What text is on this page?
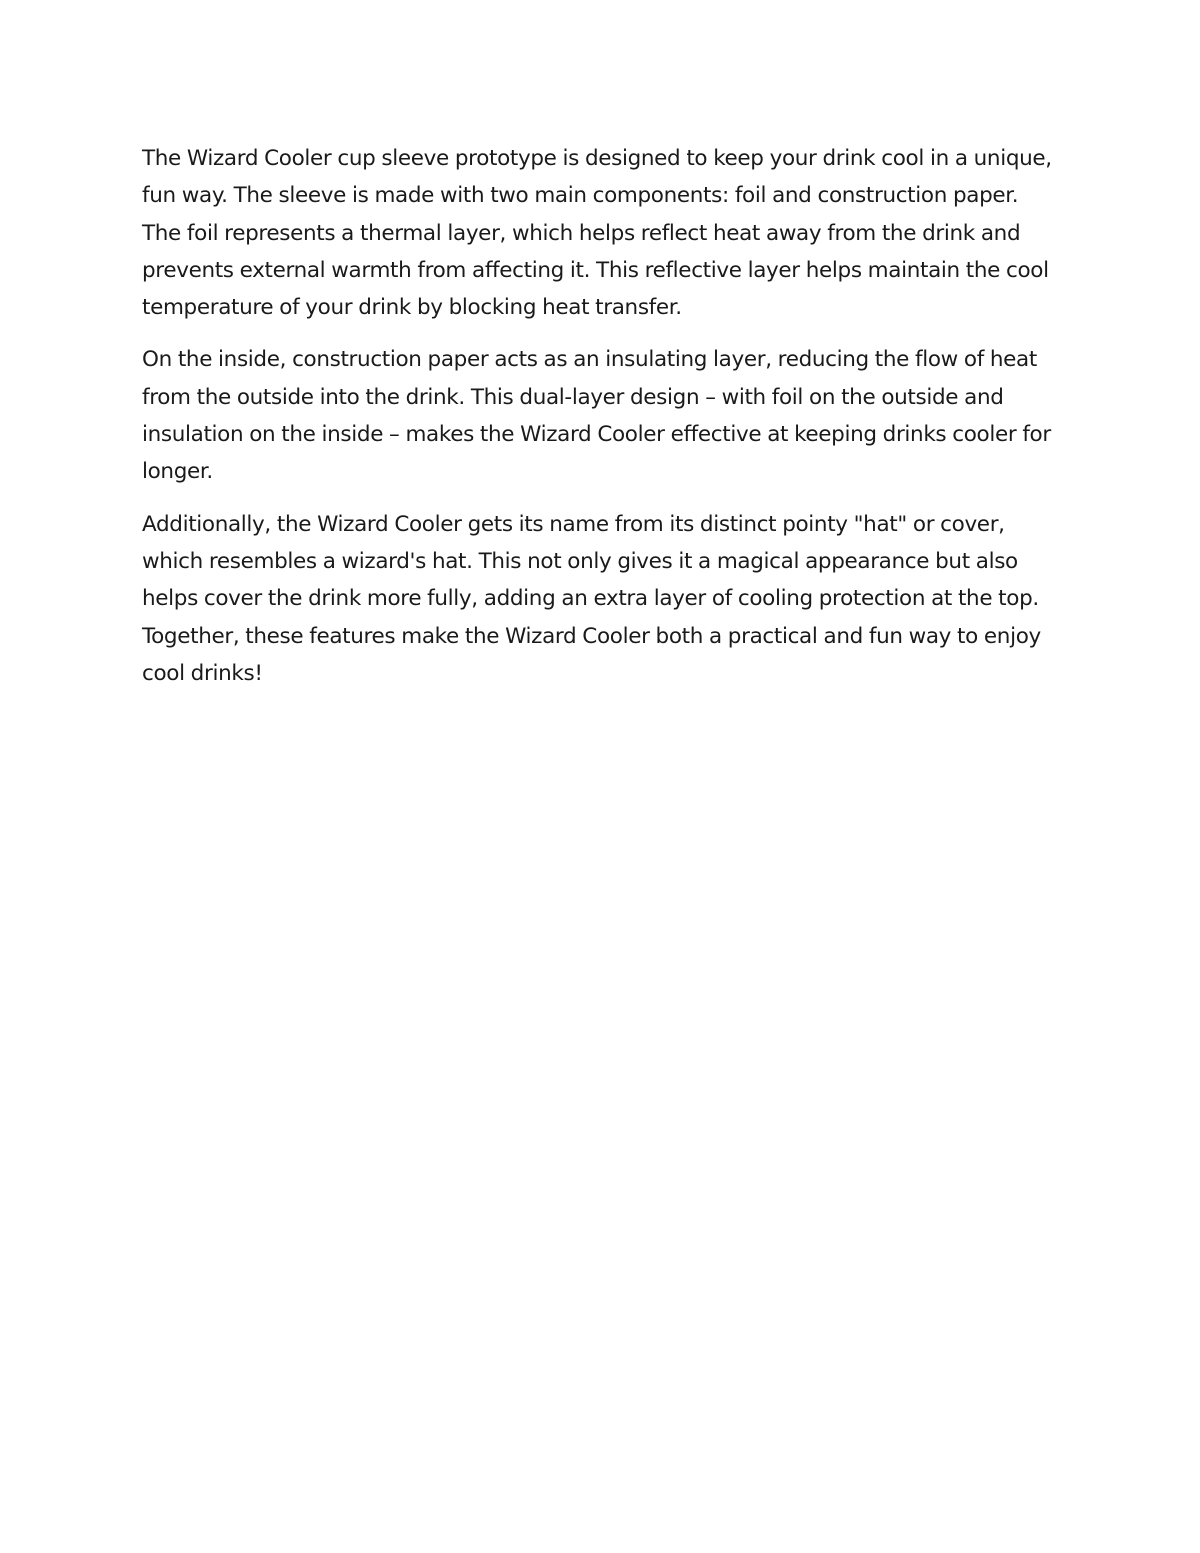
The Wizard Cooler cup sleeve prototype is designed to keep your drink cool in a unique, fun way. The sleeve is made with two main components: foil and construction paper. The foil represents a thermal layer, which helps reflect heat away from the drink and prevents external warmth from affecting it. This reflective layer helps maintain the cool temperature of your drink by blocking heat transfer.

On the inside, construction paper acts as an insulating layer, reducing the flow of heat from the outside into the drink. This dual-layer design – with foil on the outside and insulation on the inside – makes the Wizard Cooler effective at keeping drinks cooler for longer.

Additionally, the Wizard Cooler gets its name from its distinct pointy "hat" or cover, which resembles a wizard's hat. This not only gives it a magical appearance but also helps cover the drink more fully, adding an extra layer of cooling protection at the top. Together, these features make the Wizard Cooler both a practical and fun way to enjoy cool drinks!
